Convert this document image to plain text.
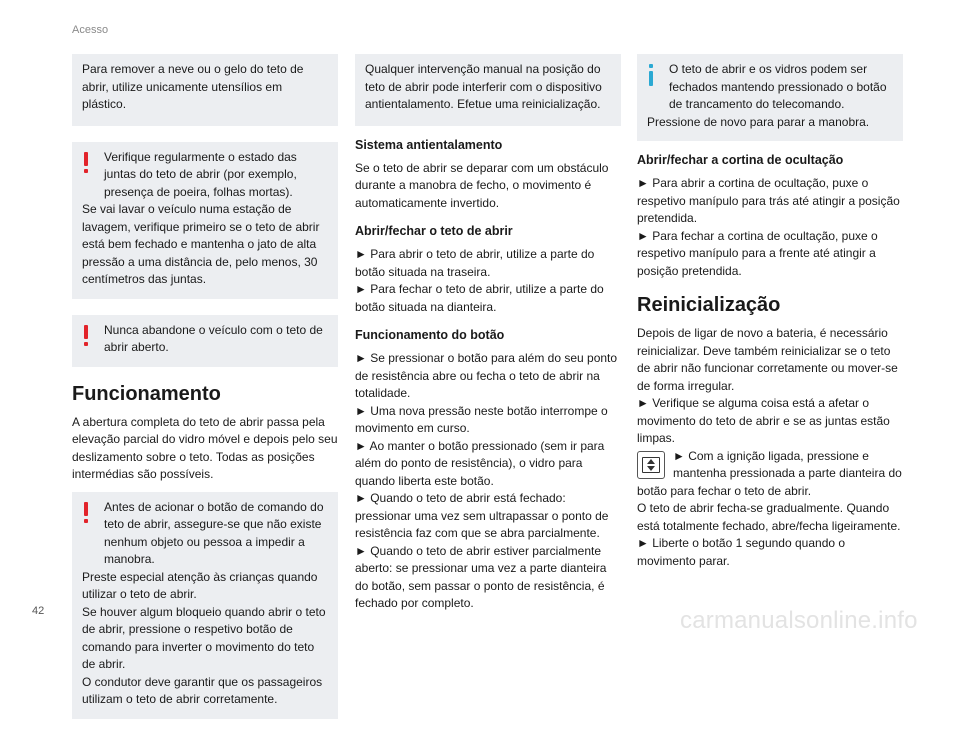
Acesso

Para remover a neve ou o gelo do teto de abrir, utilize unicamente utensílios em plástico.

Verifique regularmente o estado das juntas do teto de abrir (por exemplo, presença de poeira, folhas mortas).

Se vai lavar o veículo numa estação de lavagem, verifique primeiro se o teto de abrir está bem fechado e mantenha o jato de alta pressão a uma distância de, pelo menos, 30 centímetros das juntas.

Nunca abandone o veículo com o teto de abrir aberto.

Funcionamento

A abertura completa do teto de abrir passa pela elevação parcial do vidro móvel e depois pelo seu deslizamento sobre o teto. Todas as posições intermédias são possíveis.

Antes de acionar o botão de comando do teto de abrir, assegure-se que não existe nenhum objeto ou pessoa a impedir a manobra.

Preste especial atenção às crianças quando utilizar o teto de abrir.

Se houver algum bloqueio quando abrir o teto de abrir, pressione o respetivo botão de comando para inverter o movimento do teto de abrir.

O condutor deve garantir que os passageiros utilizam o teto de abrir corretamente.

Qualquer intervenção manual na posição do teto de abrir pode interferir com o dispositivo antientalamento. Efetue uma reinicialização.

Sistema antientalamento

Se o teto de abrir se deparar com um obstáculo durante a manobra de fecho, o movimento é automaticamente invertido.

Abrir/fechar o teto de abrir

► Para abrir o teto de abrir, utilize a parte do botão situada na traseira.

► Para fechar o teto de abrir, utilize a parte do botão situada na dianteira.

Funcionamento do botão

► Se pressionar o botão para além do seu ponto de resistência abre ou fecha o teto de abrir na totalidade.

► Uma nova pressão neste botão interrompe o movimento em curso.

► Ao manter o botão pressionado (sem ir para além do ponto de resistência), o vidro para quando liberta este botão.

► Quando o teto de abrir está fechado: pressionar uma vez sem ultrapassar o ponto de resistência faz com que se abra parcialmente.

► Quando o teto de abrir estiver parcialmente aberto: se pressionar uma vez a parte dianteira do botão, sem passar o ponto de resistência, é fechado por completo.

O teto de abrir e os vidros podem ser fechados mantendo pressionado o botão de trancamento do telecomando.

Pressione de novo para parar a manobra.

Abrir/fechar a cortina de ocultação

► Para abrir a cortina de ocultação, puxe o respetivo manípulo para trás até atingir a posição pretendida.

► Para fechar a cortina de ocultação, puxe o respetivo manípulo para a frente até atingir a posição pretendida.

Reinicialização

Depois de ligar de novo a bateria, é necessário reinicializar. Deve também reinicializar se o teto de abrir não funcionar corretamente ou mover-se de forma irregular.

► Verifique se alguma coisa está a afetar o movimento do teto de abrir e se as juntas estão limpas.

► Com a ignição ligada, pressione e mantenha pressionada a parte dianteira do botão para fechar o teto de abrir.

O teto de abrir fecha-se gradualmente. Quando está totalmente fechado, abre/fecha ligeiramente.

► Liberte o botão 1 segundo quando o movimento parar.

42	carmanualsonline.info
